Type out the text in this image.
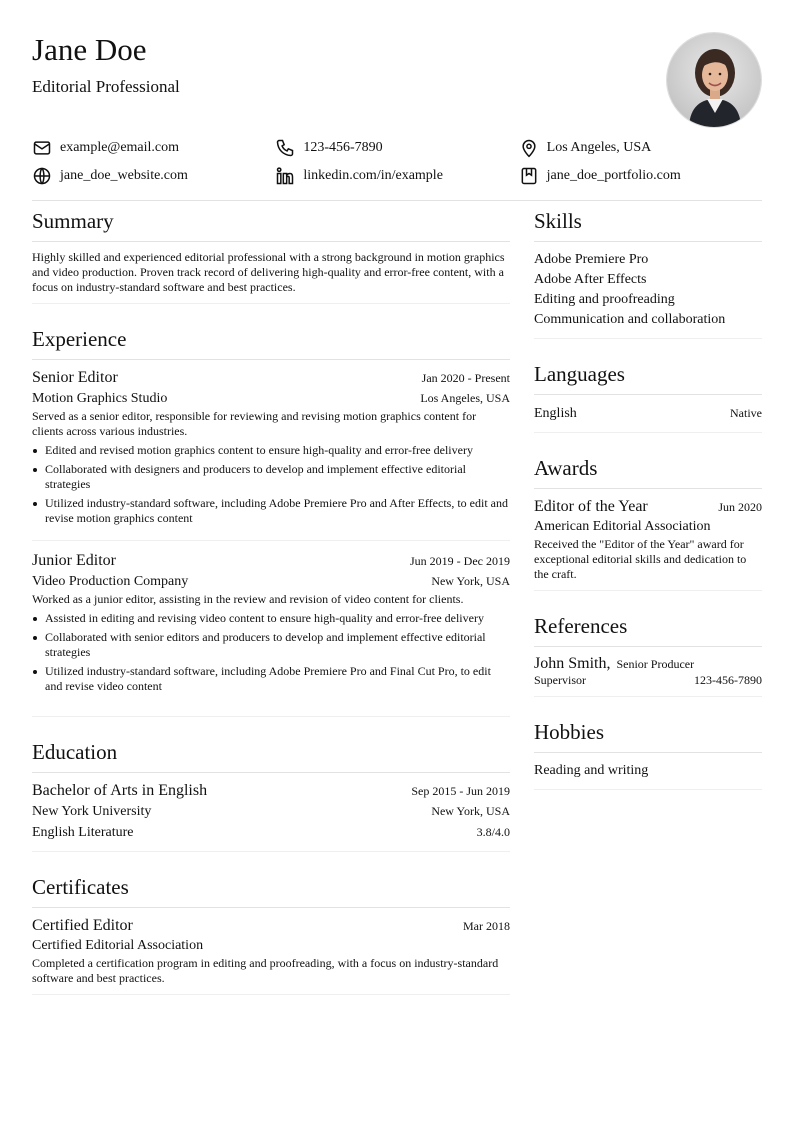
Jane Doe
Editorial Professional
example@email.com	123-456-7890	Los Angeles, USA
jane_doe_website.com	linkedin.com/in/example	jane_doe_portfolio.com
Summary

Highly skilled and experienced editorial professional with a strong background in motion graphics and video production. Proven track record of delivering high-quality and error-free content, with a focus on industry-standard software and best practices.

Experience
Senior Editor	Jan 2020 - Present
Motion Graphics Studio	Los Angeles, USA

Served as a senior editor, responsible for reviewing and revising motion graphics content for clients across various industries.

Edited and revised motion graphics content to ensure high-quality and error-free delivery
Collaborated with designers and producers to develop and implement effective editorial strategies
Utilized industry-standard software, including Adobe Premiere Pro and After Effects, to edit and revise motion graphics content
Junior Editor	Jun 2019 - Dec 2019
Video Production Company	New York, USA

Worked as a junior editor, assisting in the review and revision of video content for clients.

Assisted in editing and revising video content to ensure high-quality and error-free delivery
Collaborated with senior editors and producers to develop and implement effective editorial strategies
Utilized industry-standard software, including Adobe Premiere Pro and Final Cut Pro, to edit and revise video content
Education
Bachelor of Arts in English	Sep 2015 - Jun 2019
New York University	New York, USA
English Literature	3.8/4.0
Certificates
Certified Editor	Mar 2018
Certified Editorial Association

Completed a certification program in editing and proofreading, with a focus on industry-standard software and best practices.

Skills
Adobe Premiere Pro
Adobe After Effects
Editing and proofreading
Communication and collaboration
Languages
English	Native
Awards
Editor of the Year	Jun 2020
American Editorial Association

Received the "Editor of the Year" award for exceptional editorial skills and dedication to the craft.

References
John Smith, Senior Producer
Supervisor	123-456-7890
Hobbies
Reading and writing
